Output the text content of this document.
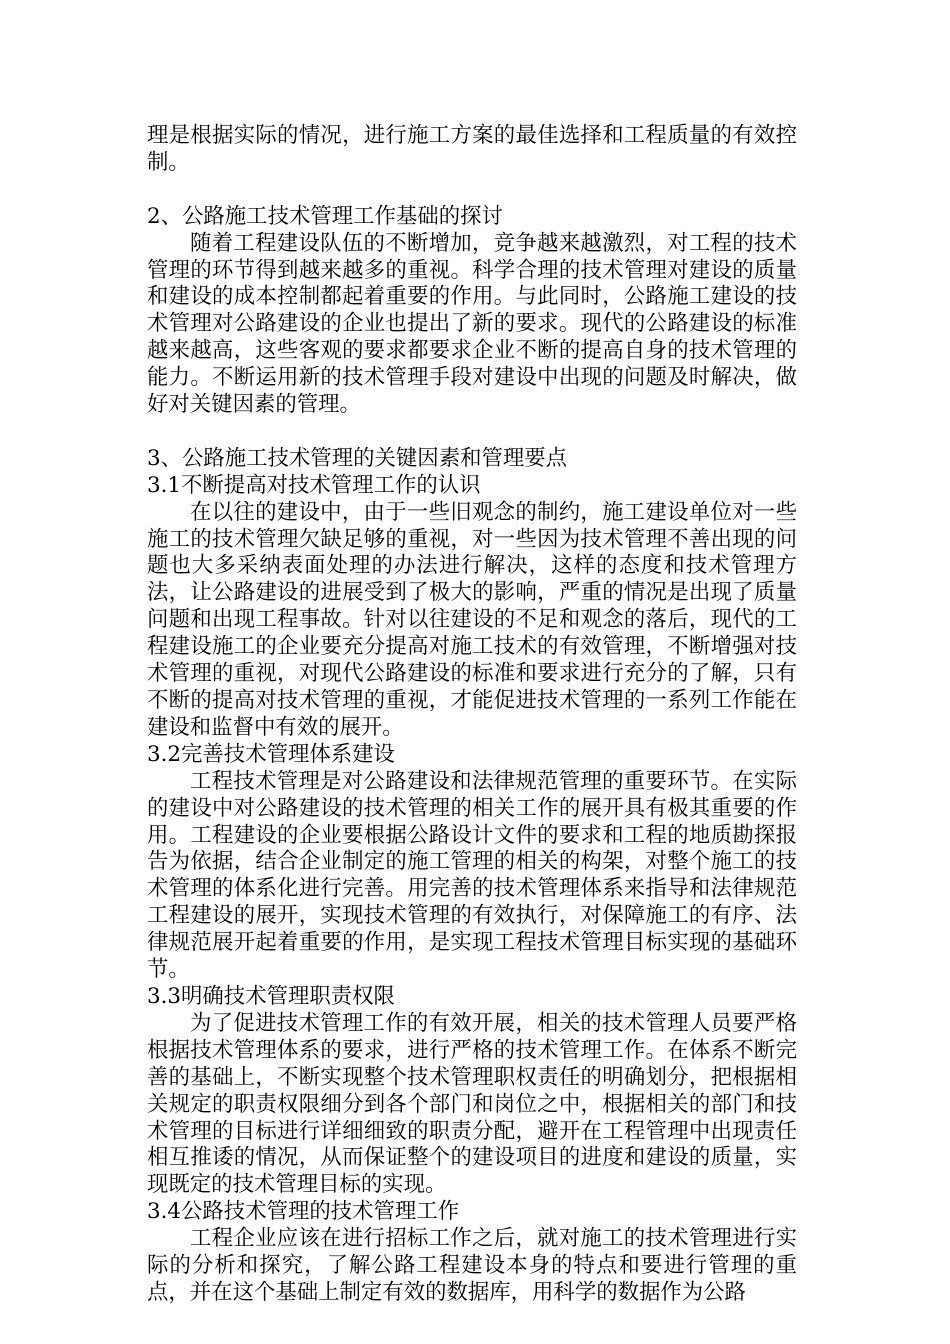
理是根据实际的情况，进行施工方案的最佳选择和工程质量的有效控制。

2、公路施工技术管理工作基础的探讨

随着工程建设队伍的不断增加，竞争越来越激烈，对工程的技术管理的环节得到越来越多的重视。科学合理的技术管理对建设的质量和建设的成本控制都起着重要的作用。与此同时，公路施工建设的技术管理对公路建设的企业也提出了新的要求。现代的公路建设的标准越来越高，这些客观的要求都要求企业不断的提高自身的技术管理的能力。不断运用新的技术管理手段对建设中出现的问题及时解决，做好对关键因素的管理。

3、公路施工技术管理的关键因素和管理要点

3.1不断提高对技术管理工作的认识

在以往的建设中，由于一些旧观念的制约，施工建设单位对一些施工的技术管理欠缺足够的重视，对一些因为技术管理不善出现的问题也大多采纳表面处理的办法进行解决，这样的态度和技术管理方法，让公路建设的进展受到了极大的影响，严重的情况是出现了质量问题和出现工程事故。针对以往建设的不足和观念的落后，现代的工程建设施工的企业要充分提高对施工技术的有效管理，不断增强对技术管理的重视，对现代公路建设的标准和要求进行充分的了解，只有不断的提高对技术管理的重视，才能促进技术管理的一系列工作能在建设和监督中有效的展开。

3.2完善技术管理体系建设

工程技术管理是对公路建设和法律规范管理的重要环节。在实际的建设中对公路建设的技术管理的相关工作的展开具有极其重要的作用。工程建设的企业要根据公路设计文件的要求和工程的地质勘探报告为依据，结合企业制定的施工管理的相关的构架，对整个施工的技术管理的体系化进行完善。用完善的技术管理体系来指导和法律规范工程建设的展开，实现技术管理的有效执行，对保障施工的有序、法律规范展开起着重要的作用，是实现工程技术管理目标实现的基础环节。

3.3明确技术管理职责权限

为了促进技术管理工作的有效开展，相关的技术管理人员要严格根据技术管理体系的要求，进行严格的技术管理工作。在体系不断完善的基础上，不断实现整个技术管理职权责任的明确划分，把根据相关规定的职责权限细分到各个部门和岗位之中，根据相关的部门和技术管理的目标进行详细细致的职责分配，避开在工程管理中出现责任相互推诿的情况，从而保证整个的建设项目的进度和建设的质量，实现既定的技术管理目标的实现。

3.4公路技术管理的技术管理工作

工程企业应该在进行招标工作之后，就对施工的技术管理进行实际的分析和探究，了解公路工程建设本身的特点和要进行管理的重点，并在这个基础上制定有效的数据库，用科学的数据作为公路
